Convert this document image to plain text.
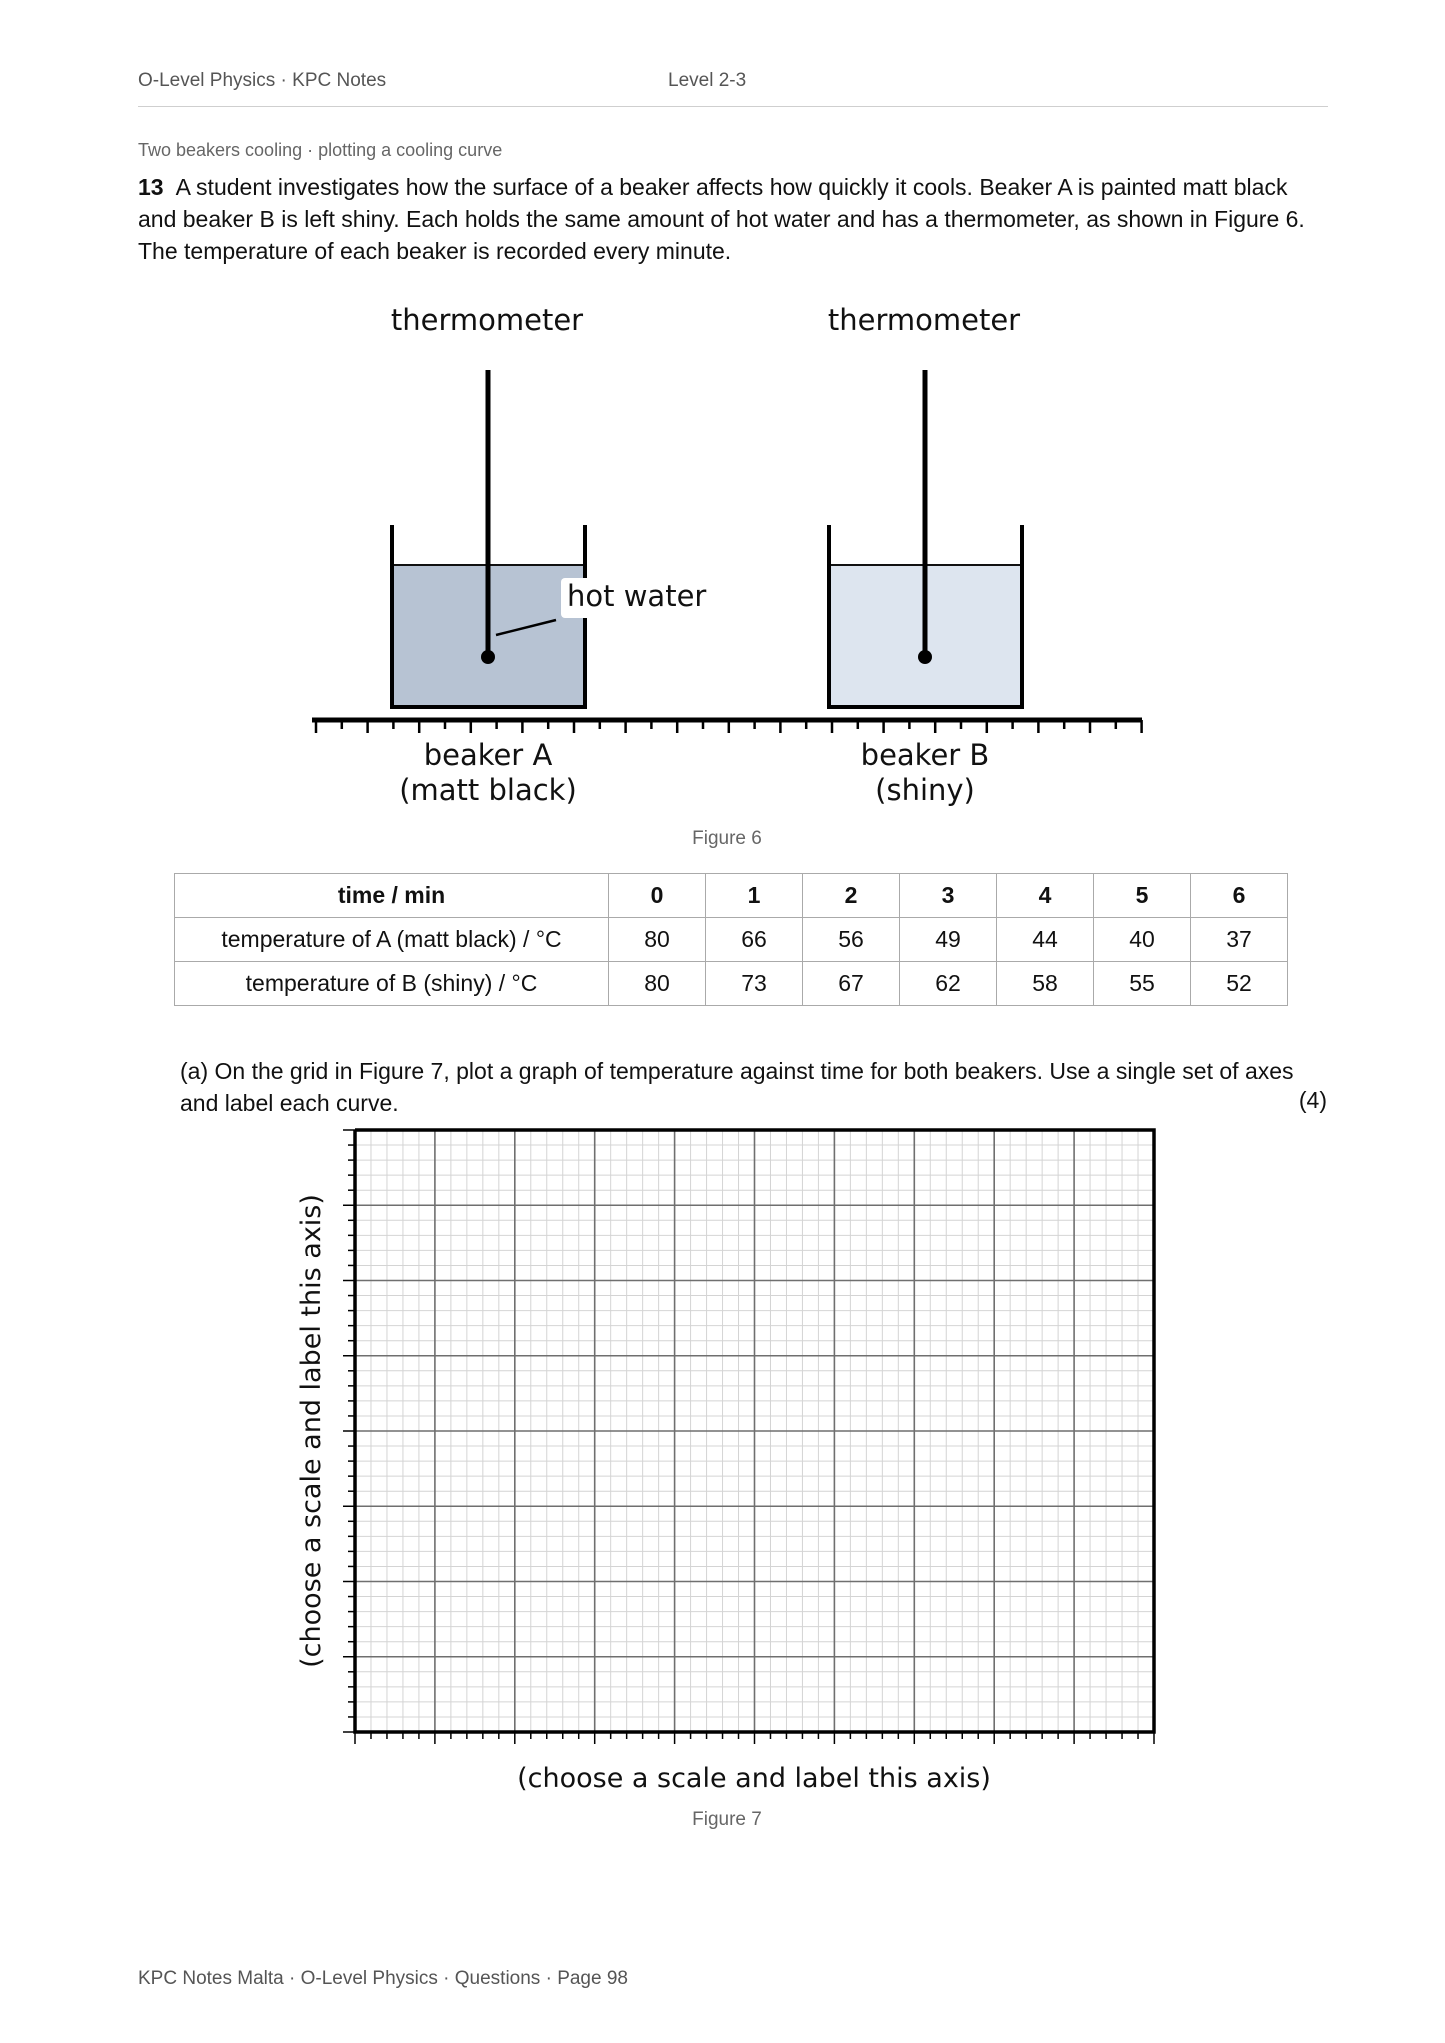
O-Level Physics · KPC Notes	Level 2-3
Two beakers cooling · plotting a cooling curve
13 A student investigates how the surface of a beaker affects how quickly it cools. Beaker A is painted matt black and beaker B is left shiny. Each holds the same amount of hot water and has a thermometer, as shown in Figure 6. The temperature of each beaker is recorded every minute.
thermometer	thermometer
hot water
beaker A
(matt black)
beaker B
(shiny)
Figure 6
time / min	0	1	2	3	4	5	6
temperature of A (matt black) / °C	80	66	56	49	44	40	37
temperature of B (shiny) / °C	80	73	67	62	58	55	52
(a) On the grid in Figure 7, plot a graph of temperature against time for both beakers. Use a single set of axes and label each curve.	(4)
(choose a scale and label this axis)
(choose a scale and label this axis)
Figure 7
KPC Notes Malta · O-Level Physics · Questions · Page 98
